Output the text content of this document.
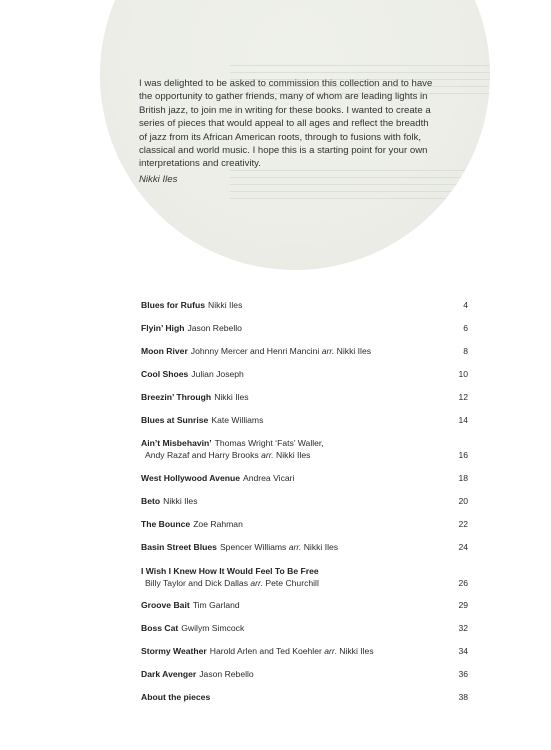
I was delighted to be asked to commission this collection and to have the opportunity to gather friends, many of whom are leading lights in British jazz, to join me in writing for these books. I wanted to create a series of pieces that would appeal to all ages and reflect the breadth of jazz from its African American roots, through to fusions with folk, classical and world music. I hope this is a starting point for your own interpretations and creativity.

Nikki Iles
Blues for Rufus Nikki Iles	4
Flyin’ High Jason Rebello	6
Moon River Johnny Mercer and Henri Mancini arr. Nikki Iles	8
Cool Shoes Julian Joseph	10
Breezin’ Through Nikki Iles	12
Blues at Sunrise Kate Williams	14
Ain’t Misbehavin’ Thomas Wright ‘Fats’ Waller,
Andy Razaf and Harry Brooks arr. Nikki Iles	16
West Hollywood Avenue Andrea Vicari	18
Beto Nikki Iles	20
The Bounce Zoe Rahman	22
Basin Street Blues Spencer Williams arr. Nikki Iles	24
I Wish I Knew How It Would Feel To Be Free
Billy Taylor and Dick Dallas arr. Pete Churchill	26
Groove Bait Tim Garland	29
Boss Cat Gwilym Simcock	32
Stormy Weather Harold Arlen and Ted Koehler arr. Nikki Iles	34
Dark Avenger Jason Rebello	36
About the pieces	38
